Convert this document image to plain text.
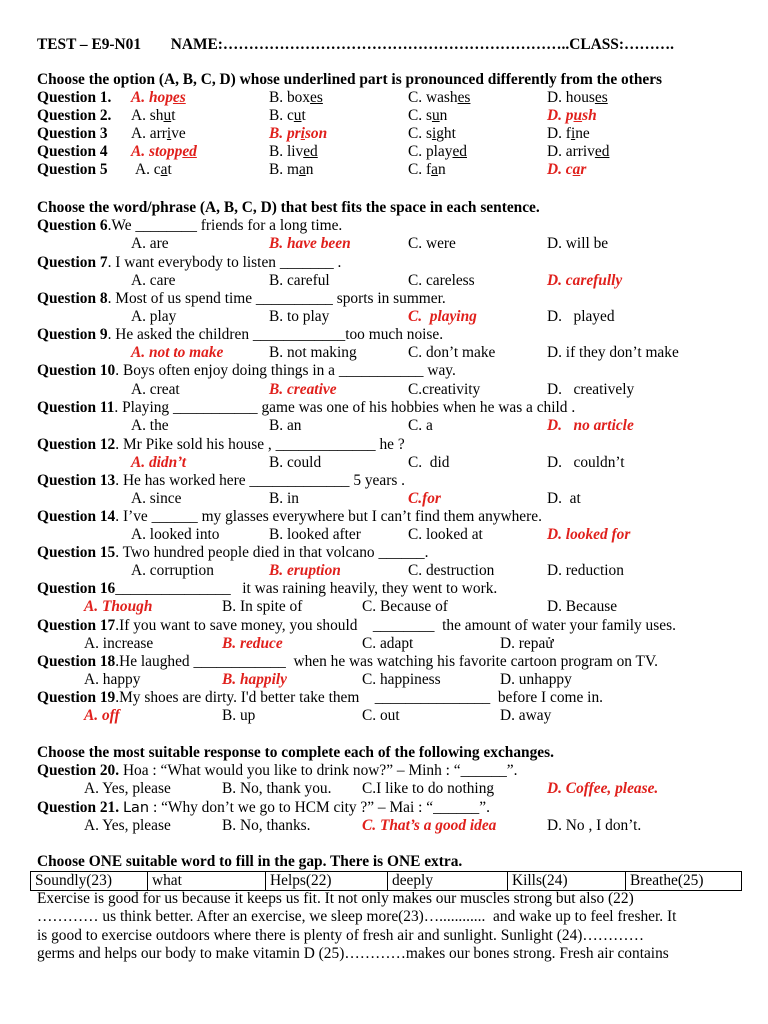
TEST – E9-N01 NAME:…………………………………………………………..CLASS:……….
Choose the option (A, B, C, D) whose underlined part is pronounced differently from the others
Question 1. A. hopes	B. boxes	C. washes	D. houses
Question 2. A. shut	B. cut	C. sun	D. push
Question 3 A. arrive	B. prison	C. sight	D. fine
Question 4 A. stopped	B. lived	C. played	D. arrived
Question 5 A. cat	B. man	C. fan	D. car
Choose the word/phrase (A, B, C, D) that best fits the space in each sentence.
Question 6.We ________ friends for a long time.
A. are	B. have been	C. were	D. will be
Question 7. I want everybody to listen _______ .
A. care	B. careful	C. careless	D. carefully
Question 8. Most of us spend time __________ sports in summer.
A. play	B. to play	C.  playing	D.   played
Question 9. He asked the children ____________too much noise.
A. not to make	B. not making	C. don’t make	D. if they don’t make
Question 10. Boys often enjoy doing things in a ___________ way.
A. creat	B. creative	C.creativity	D.   creatively
Question 11. Playing ___________ game was one of his hobbies when he was a child .
A. the	B. an	C. a	D.   no article
Question 12. Mr Pike sold his house , _____________ he ?
A. didn’t	B. could	C.  did	D.   couldn’t
Question 13. He has worked here _____________ 5 years .
A. since	B. in	C.for	D.  at
Question 14. I’ve ______ my glasses everywhere but I can’t find them anywhere.
A. looked into	B. looked after	C. looked at	D. looked for
Question 15. Two hundred people died in that volcano ______.
A. corruption	B. eruption	C. destruction	D. reduction
Question 16_______________   it was raining heavily, they went to work.
A. Though	B. In spite of	C. Because of	D. Because
Question 17.If you want to save money, you should    ________  the amount of water your family uses.
A. increase	B. reduce	C. adapt	D. repaử
Question 18.He laughed ____________  when he was watching his favorite cartoon program on TV.
A. happy	B. happily	C. happiness	D. unhappy
Question 19.My shoes are dirty. I'd better take them    _______________  before I come in.
A. off	B. up	C. out	D. away
Choose the most suitable response to complete each of the following exchanges.
Question 20. Hoa : “What would you like to drink now?” – Minh : “______”.
A. Yes, please	B. No, thank you. C.I like to do nothing	D. Coffee, please.
Question 21. Lan : “Why don’t we go to HCM city ?” – Mai : “______”.
A. Yes, please	B. No, thanks.	C. That’s a good idea	D. No , I don’t.
Choose ONE suitable word to fill in the gap. There is ONE extra.
Soundly(23)	what	Helps(22)	deeply	Kills(24)	Breathe(25)
Exercise is good for us because it keeps us fit. It not only makes our muscles strong but also (22)
………… us think better. After an exercise, we sleep more(23)…............  and wake up to feel fresher. It
is good to exercise outdoors where there is plenty of fresh air and sunlight. Sunlight (24)…………
germs and helps our body to make vitamin D (25)…………makes our bones strong. Fresh air contains
